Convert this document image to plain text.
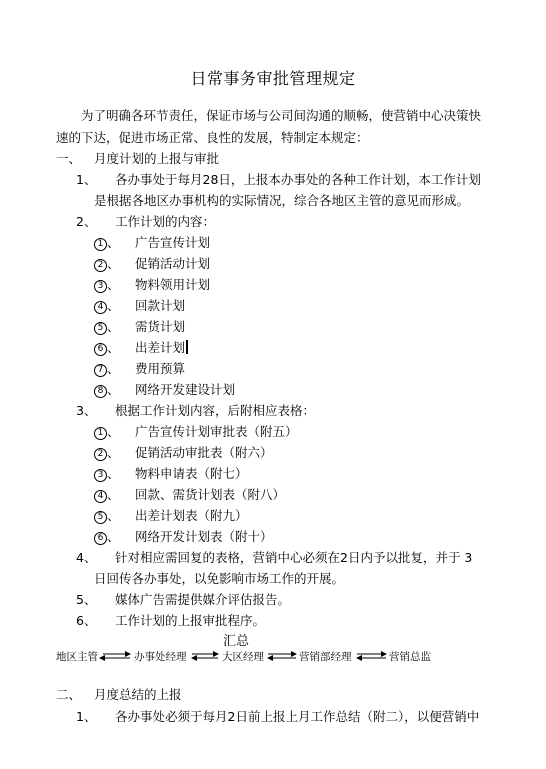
日常事务审批管理规定
为了明确各环节责任，保证市场与公司间沟通的顺畅，使营销中心决策快
速的下达，促进市场正常、良性的发展，特制定本规定：
一、 月度计划的上报与审批
1、 各办事处于每月28日，上报本办事处的各种工作计划，本工作计划
是根据各地区办事机构的实际情况，综合各地区主管的意见而形成。
2、 工作计划的内容：
1 、 广告宣传计划
2 、 促销活动计划
3 、 物料领用计划
4 、 回款计划
5 、 需货计划
6 、 出差计划
7 、 费用预算
8 、 网络开发建设计划
3、 根据工作计划内容，后附相应表格：
1 、 广告宣传计划审批表（附五）
2 、 促销活动审批表（附六）
3 、 物料申请表（附七）
4 、 回款、需货计划表（附八）
5 、 出差计划表（附九）
6 、 网络开发计划表（附十）
4、 针对相应需回复的表格，营销中心必须在2日内予以批复，并于 3
日回传各办事处，以免影响市场工作的开展。
5、 媒体广告需提供媒介评估报告。
6、 工作计划的上报审批程序。
汇总
地区主管	办事处经理	大区经理	营销部经理	营销总监
二、 月度总结的上报
1、 各办事处必须于每月2日前上报上月工作总结（附二），以便营销中
